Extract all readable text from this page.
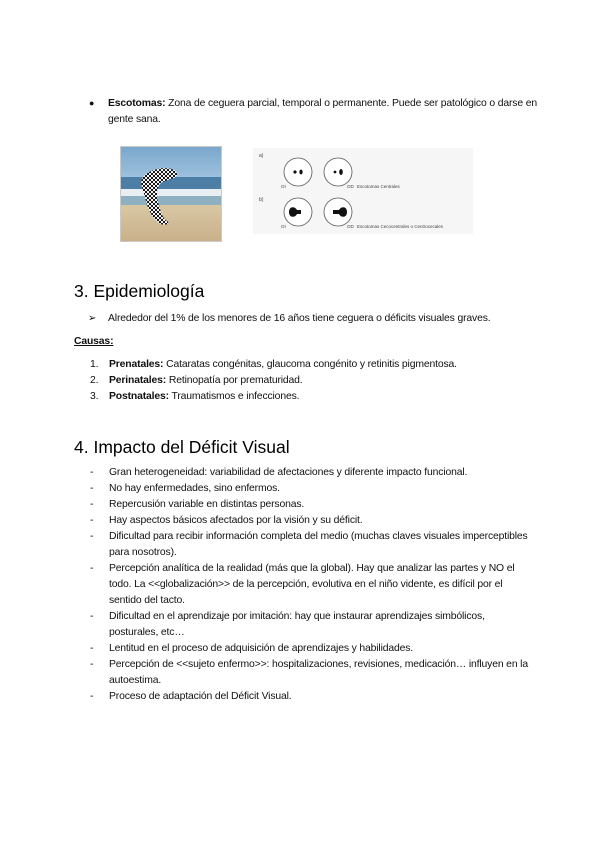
● Escotomas: Zona de ceguera parcial, temporal o permanente. Puede ser patológico o darse en gente sana.
a)
OI	OD Escotomas Centrales
b)
OI	OD Escotomas Cecocentrales o Centrocecales
3. Epidemiología
➢ Alrededor del 1% de los menores de 16 años tiene ceguera o déficits visuales graves.
Causas:
1. Prenatales: Cataratas congénitas, glaucoma congénito y retinitis pigmentosa.
2. Perinatales: Retinopatía por prematuridad.
3. Postnatales: Traumatismos e infecciones.
4. Impacto del Déficit Visual
-	Gran heterogeneidad: variabilidad de afectaciones y diferente impacto funcional.
-	No hay enfermedades, sino enfermos.
-	Repercusión variable en distintas personas.
-	Hay aspectos básicos afectados por la visión y su déficit.
-	Dificultad para recibir información completa del medio (muchas claves visuales imperceptibles para nosotros).
-	Percepción analítica de la realidad (más que la global). Hay que analizar las partes y NO el todo. La <<globalización>> de la percepción, evolutiva en el niño vidente, es difícil por el sentido del tacto.
-	Dificultad en el aprendizaje por imitación: hay que instaurar aprendizajes simbólicos, posturales, etc…
-	Lentitud en el proceso de adquisición de aprendizajes y habilidades.
-	Percepción de <<sujeto enfermo>>: hospitalizaciones, revisiones, medicación… influyen en la autoestima.
-	Proceso de adaptación del Déficit Visual.
